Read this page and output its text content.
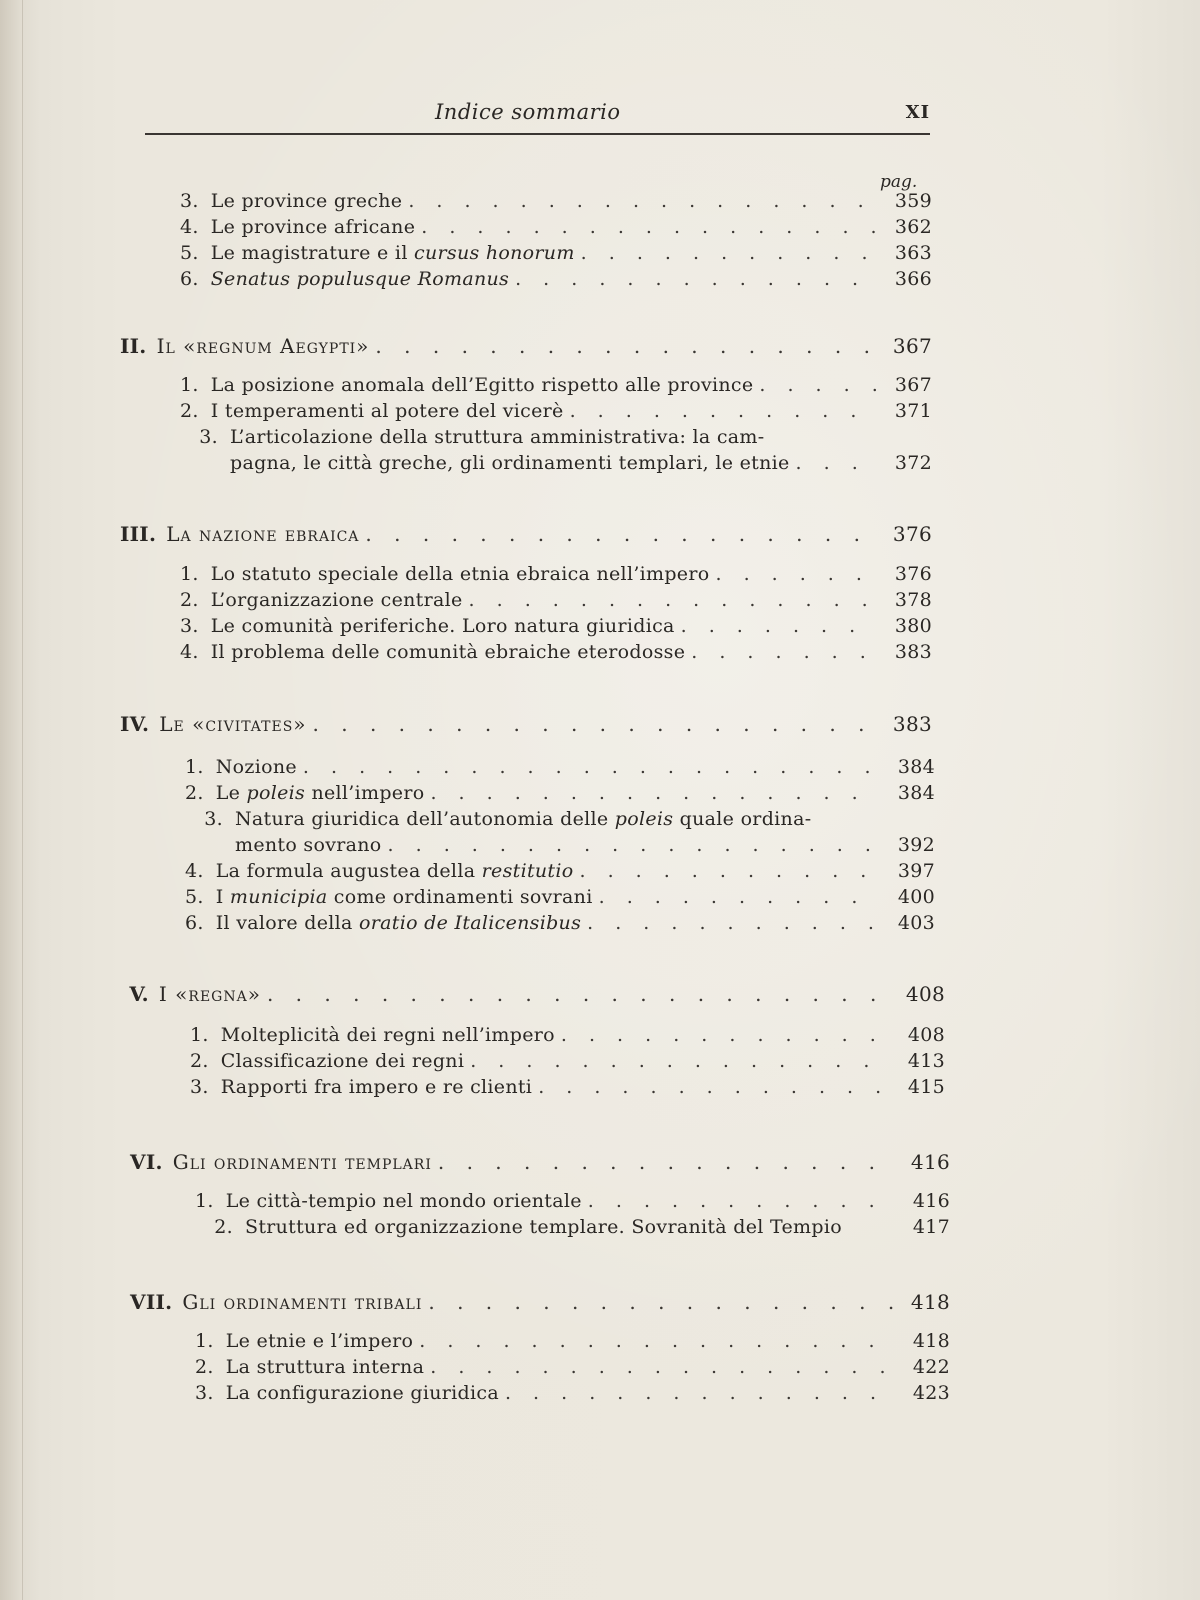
Indice sommario	XI
pag.
3. Le province greche . . .	359
4. Le province africane . . .	362
5. Le magistrature e il cursus honorum . . .	363
6. Senatus populusque Romanus . . .	366
II. Il «regnum Aegypti» . . .	367
1. La posizione anomala dell’Egitto rispetto alle province . . .	367
2. I temperamenti al potere del vicerè . . .	371
3. L’articolazione della struttura amministrativa: la cam-
pagna, le città greche, gli ordinamenti templari, le etnie . . .	372
III. La nazione ebraica . . .	376
1. Lo statuto speciale della etnia ebraica nell’impero . . .	376
2. L’organizzazione centrale . . .	378
3. Le comunità periferiche. Loro natura giuridica . . .	380
4. Il problema delle comunità ebraiche eterodosse . . .	383
IV. Le «civitates» . . .	383
1. Nozione . . .	384
2. Le poleis nell’impero . . .	384
3. Natura giuridica dell’autonomia delle poleis quale ordina-
mento sovrano . . .	392
4. La formula augustea della restitutio . . .	397
5. I municipia come ordinamenti sovrani . . .	400
6. Il valore della oratio de Italicensibus . . .	403
V. I «regna» . . .	408
1. Molteplicità dei regni nell’impero . . .	408
2. Classificazione dei regni . . .	413
3. Rapporti fra impero e re clienti . . .	415
VI. Gli ordinamenti templari . . .	416
1. Le città-tempio nel mondo orientale . . .	416
2. Struttura ed organizzazione templare. Sovranità del Tempio	417
VII. Gli ordinamenti tribali . . .	418
1. Le etnie e l’impero . . .	418
2. La struttura interna . . .	422
3. La configurazione giuridica . . .	423
